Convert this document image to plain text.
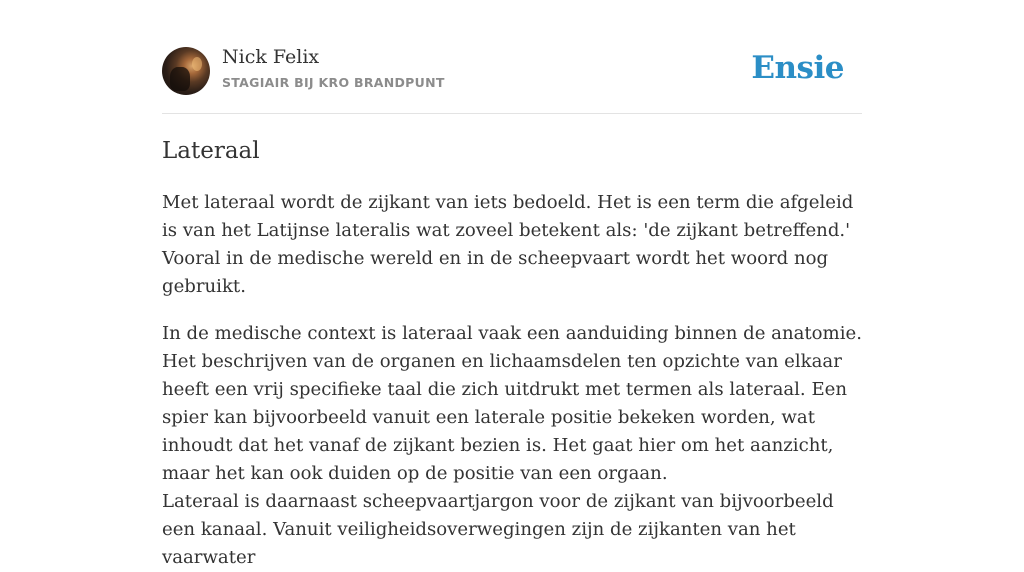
Nick Felix
STAGIAIR BIJ KRO BRANDPUNT	Ensie
Lateraal

Met lateraal wordt de zijkant van iets bedoeld. Het is een term die afgeleid is van het Latijnse lateralis wat zoveel betekent als: 'de zijkant betreffend.' Vooral in de medische wereld en in de scheepvaart wordt het woord nog gebruikt.

In de medische context is lateraal vaak een aanduiding binnen de anatomie. Het beschrijven van de organen en lichaamsdelen ten opzichte van elkaar heeft een vrij specifieke taal die zich uitdrukt met termen als lateraal. Een spier kan bijvoorbeeld vanuit een laterale positie bekeken worden, wat inhoudt dat het vanaf de zijkant bezien is. Het gaat hier om het aanzicht, maar het kan ook duiden op de positie van een orgaan.

Lateraal is daarnaast scheepvaartjargon voor de zijkant van bijvoorbeeld een kanaal. Vanuit veiligheidsoverwegingen zijn de zijkanten van het vaarwater
